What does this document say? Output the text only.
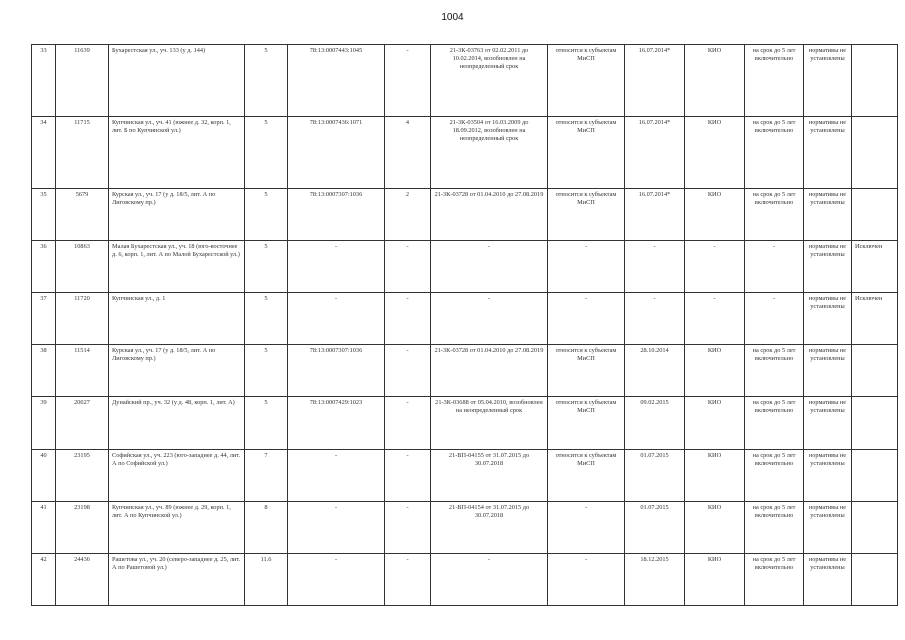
1004
33	11639	Бухарестская ул., уч. 133 (у д. 144)	5	78:13:0007443:1045	-	21-3К-03763 от 02.02.2011 до 10.02.2014, возобновлен на неопределенный срок	относится к субъектам МиСП	16.07.2014*	КИО	на срок до 5 лет включительно	нормативы не установлены	
34	11715	Купчинская ул., уч. 41 (южнее д. 32, корп. 1, лит. Б по Купчинской ул.)	5	78:13:0007436:1071	4	21-3К-03504 от 16.03.2009 до 18.09.2012, возобновлен на неопределенный срок	относится к субъектам МиСП	16.07.2014*	КИО	на срок до 5 лет включительно	нормативы не установлены	
35	5679	Курская ул., уч. 17 (у д. 18/5, лит. А по Лиговскому пр.)	5	78:13:0007307:1036	2	21-3К-03728 от 01.04.2010 до 27.08.2019	относится к субъектам МиСП	16.07.2014*	КИО	на срок до 5 лет включительно	нормативы не установлены	
36	10863	Малая Бухарестская ул., уч. 18 (юго-восточнее д. 6, корп. 1, лит. А по Малой Бухарестской ул.)	5	-	-	-	-	-	-	-	нормативы не установлены	Исключен
37	11720	Купчинская ул., д. 1	5	-	-	-	-	-	-	-	нормативы не установлены	Исключен
38	11514	Курская ул., уч. 17 (у д. 18/5, лит. А по Лиговскому пр.)	5	78:13:0007307:1036	-	21-3К-03728 от 01.04.2010 до 27.08.2019	относится к субъектам МиСП	28.10.2014	КИО	на срок до 5 лет включительно	нормативы не установлены	
39	20027	Дунайский пр., уч. 32 (у д. 48, корп. 1, лит. А)	5	78:13:0007429:1023	-	21-3К-03688 от 05.04.2010, возобновлен на неопределенный срок	относится к субъектам МиСП	09.02.2015	КИО	на срок до 5 лет включительно	нормативы не установлены	
40	23195	Софийская ул., уч. 223 (юго-западнее д. 44, лит. А по Софийской ул.)	7	-	-	21-ВП-04155 от 31.07.2015 до 30.07.2018	относится к субъектам МиСП	01.07.2015	КИО	на срок до 5 лет включительно	нормативы не установлены	
41	23198	Купчинская ул., уч. 89 (южнее д. 29, корп. 1, лит. А по Купчинской ул.)	8	-	-	21-ВП-04154 от 31.07.2015 до 30.07.2018	-	01.07.2015	КИО	на срок до 5 лет включительно	нормативы не установлены	
42	24436	Рашетова ул., уч. 20 (северо-западнее д. 25, лит. А по Рашетовой ул.)	11.6	-	-	-	-	18.12.2015	КИО	на срок до 5 лет включительно	нормативы не установлены	
